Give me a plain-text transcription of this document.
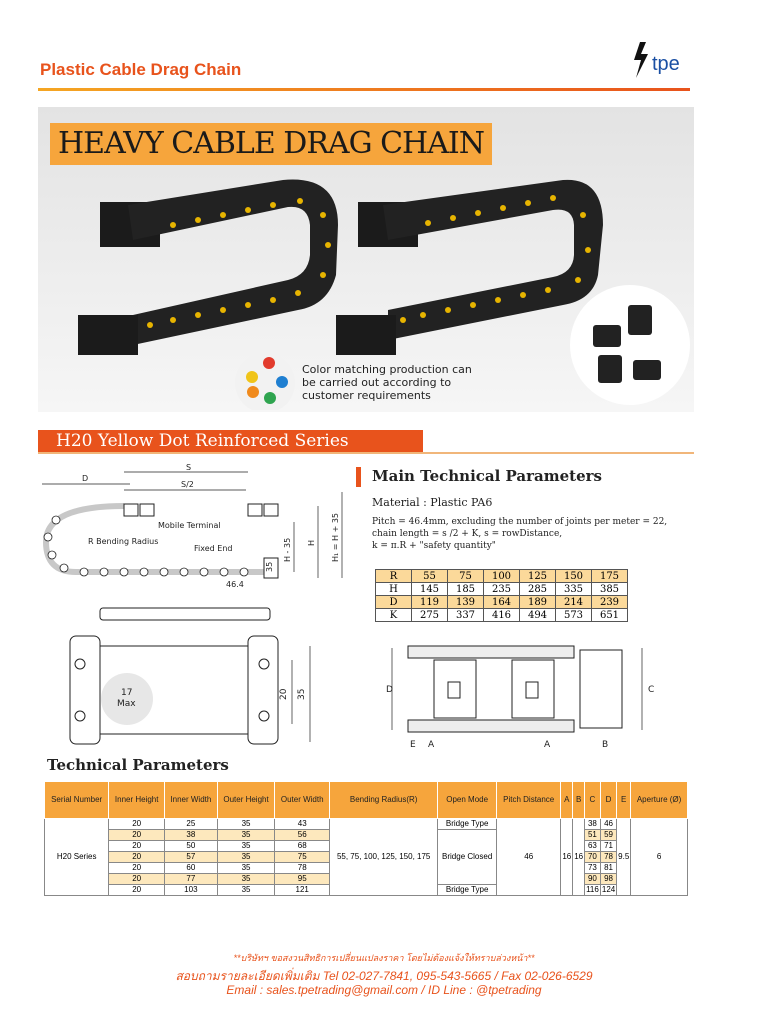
Plastic Cable Drag Chain	tpe
HEAVY CABLE DRAG CHAIN
Color matching production can
be carried out according to
customer requirements
H20 Yellow Dot Reinforced Series
D
S
S/2
Mobile Terminal
R Bending Radius
Fixed End
46.4
35
H - 35 H H₁ = H + 35
17
Max
20 35	D	C
E A	A	B
Main Technical Parameters
Material : Plastic PA6
Pitch = 46.4mm, excluding the number of joints per meter = 22,
chain length = s /2 + K, s = rowDistance,
k = π.R + "safety quantity"
R	55	75	100	125	150	175
H	145	185	235	285	335	385
D	119	139	164	189	214	239
K	275	337	416	494	573	651
Technical Parameters
Serial Number	Inner Height	Inner Width	Outer Height	Outer Width	Bending Radius(R)	Open Mode	Pitch Distance	A	B	C	D	E	Aperture (Ø)
H20 Series	20	25	35	43	55, 75, 100, 125, 150, 175	Bridge Type	46	16	16	38	46	9.5	6
	20	38	35	56		Bridge Closed				51	59		
	20	50	35	68						63	71		
	20	57	35	75						70	78		
	20	60	35	78						73	81		
	20	77	35	95						90	98		
	20	103	35	121		Bridge Type				116	124		
**บริษัทฯ ขอสงวนสิทธิการเปลี่ยนแปลงราคา โดยไม่ต้องแจ้งให้ทราบล่วงหน้า**
สอบถามรายละเอียดเพิ่มเติม Tel 02-027-7841, 095-543-5665 / Fax 02-026-6529
Email : sales.tpetrading@gmail.com / ID Line : @tpetrading
